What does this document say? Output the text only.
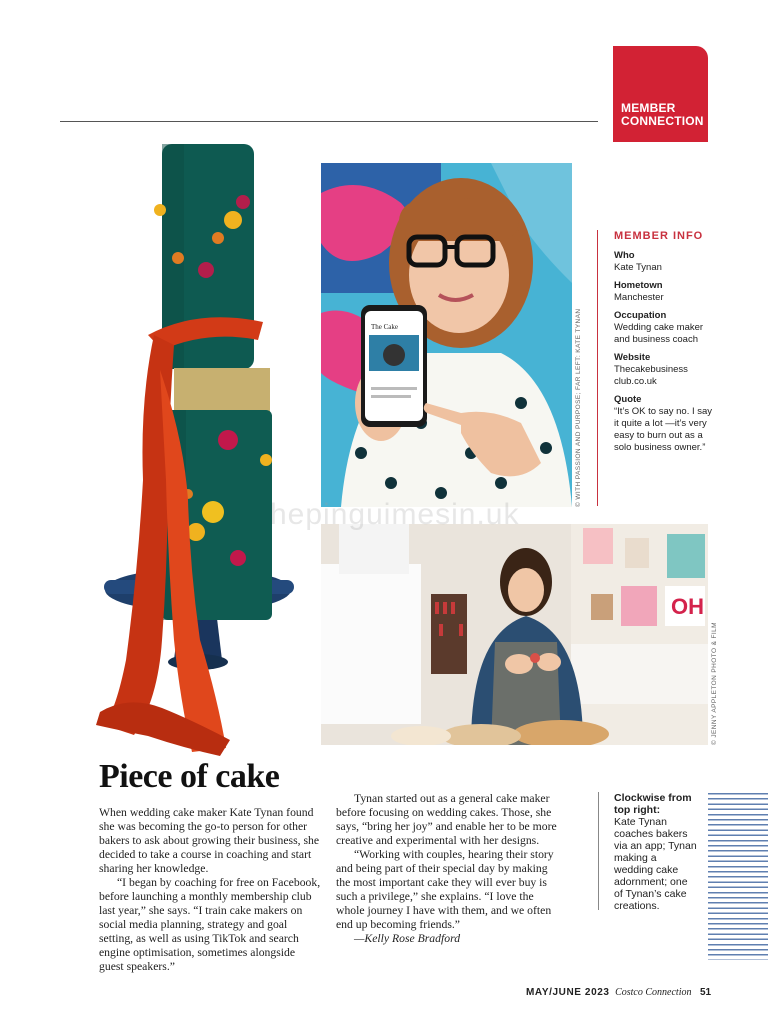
MEMBER
CONNECTION
The Cake
The Slice	© WITH PASSION AND PURPOSE; FAR LEFT: KATE TYNAN
OH
© JENNY APPLETON PHOTO & FILM
MEMBER INFO
Who
Kate Tynan
Hometown
Manchester
Occupation
Wedding cake maker and business coach
Website
Thecakebusiness club.co.uk
Quote
“It’s OK to say no. I say it quite a lot —it’s very easy to burn out as a solo business owner.”
hepinguimesin.uk
Piece of cake

When wedding cake maker Kate Tynan found she was becoming the go-to person for other bakers to ask about growing their business, she decided to take a course in coaching and start sharing her knowledge.

“I began by coaching for free on Facebook, before launching a monthly membership club last year,” she says. “I train cake makers on social media planning, strategy and goal setting, as well as using TikTok and search engine optimisation, sometimes alongside guest speakers.”

Tynan started out as a general cake maker before focusing on wedding cakes. Those, she says, “bring her joy” and enable her to be more creative and experimental with her designs.

“Working with couples, hearing their story and being part of their special day by making the most important cake they will ever buy is such a privilege,” she explains. “I love the whole journey I have with them, and we often end up becoming friends.”

—Kelly Rose Bradford

Clockwise from top right:
Kate Tynan coaches bakers via an app; Tynan making a wedding cake adornment; one of Tynan’s cake creations.
MAY/JUNE 2023 Costco Connection 51
